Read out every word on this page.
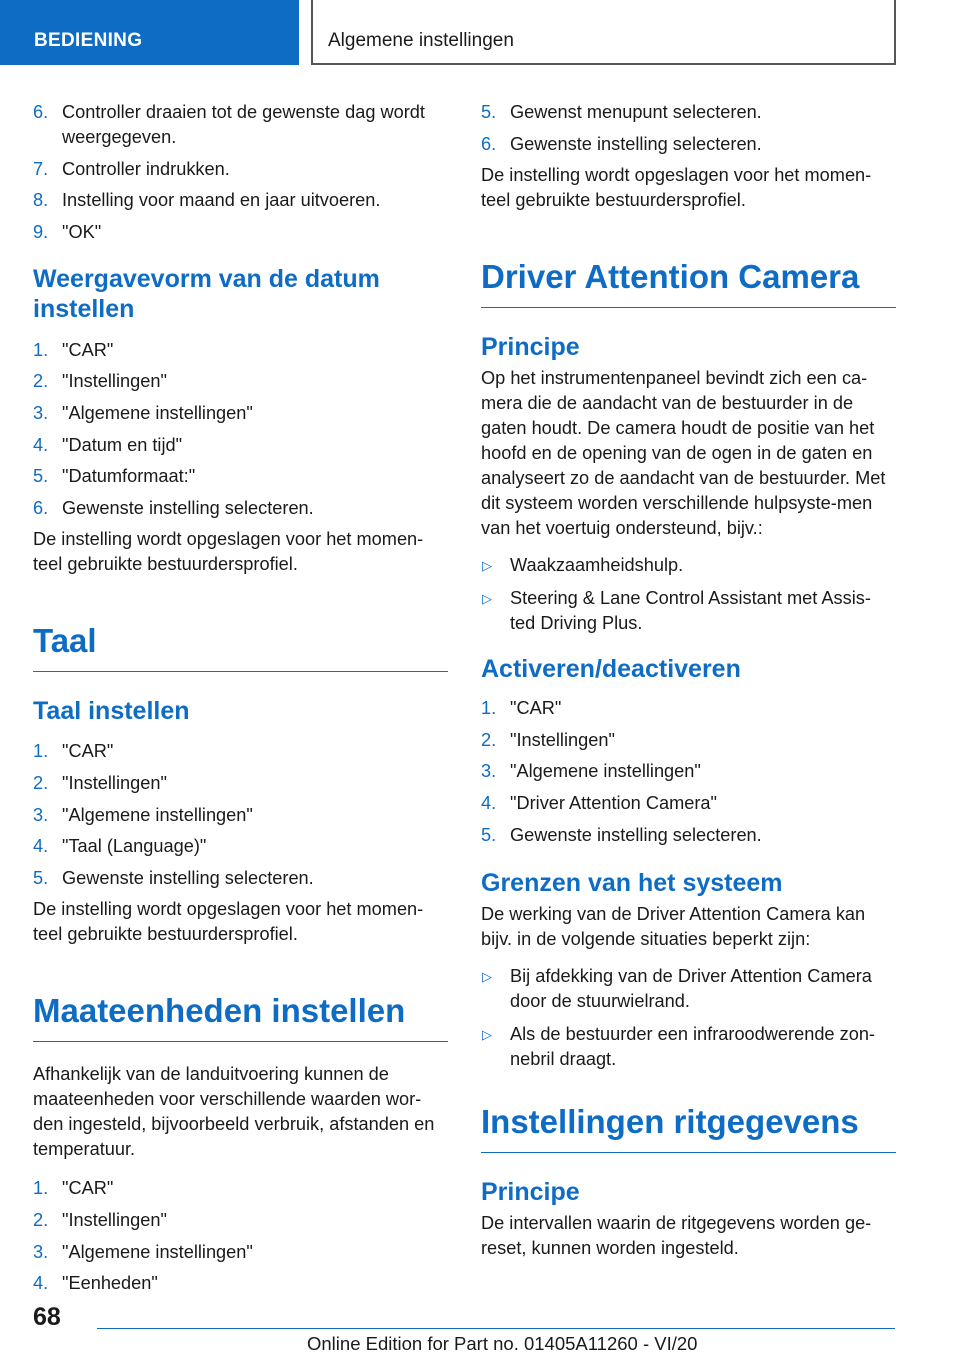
BEDIENING	Algemene instellingen
6. Controller draaien tot de gewenste dag wordt weergegeven.
7. Controller indrukken.
8. Instelling voor maand en jaar uitvoeren.
9. "OK"
Weergavevorm van de datum instellen
1. "CAR"
2. "Instellingen"
3. "Algemene instellingen"
4. "Datum en tijd"
5. "Datumformaat:"
6. Gewenste instelling selecteren.

De instelling wordt opgeslagen voor het momen-teel gebruikte bestuurdersprofiel.

Taal
Taal instellen
1. "CAR"
2. "Instellingen"
3. "Algemene instellingen"
4. "Taal (Language)"
5. Gewenste instelling selecteren.

De instelling wordt opgeslagen voor het momen-teel gebruikte bestuurdersprofiel.

Maateenheden instellen

Afhankelijk van de landuitvoering kunnen de maateenheden voor verschillende waarden wor-den ingesteld, bijvoorbeeld verbruik, afstanden en temperatuur.

1. "CAR"
2. "Instellingen"
3. "Algemene instellingen"
4. "Eenheden"
5. Gewenst menupunt selecteren.
6. Gewenste instelling selecteren.

De instelling wordt opgeslagen voor het momen-teel gebruikte bestuurdersprofiel.

Driver Attention Camera
Principe

Op het instrumentenpaneel bevindt zich een ca-mera die de aandacht van de bestuurder in de gaten houdt. De camera houdt de positie van het hoofd en de opening van de ogen in de gaten en analyseert zo de aandacht van de bestuurder. Met dit systeem worden verschillende hulpsyste-men van het voertuig ondersteund, bijv.:

▷ Waakzaamheidshulp.
▷ Steering & Lane Control Assistant met Assis-ted Driving Plus.
Activeren/deactiveren
1. "CAR"
2. "Instellingen"
3. "Algemene instellingen"
4. "Driver Attention Camera"
5. Gewenste instelling selecteren.
Grenzen van het systeem

De werking van de Driver Attention Camera kan bijv. in de volgende situaties beperkt zijn:

▷ Bij afdekking van de Driver Attention Camera door de stuurwielrand.
▷ Als de bestuurder een infraroodwerende zon-nebril draagt.
Instellingen ritgegevens
Principe

De intervallen waarin de ritgegevens worden ge-reset, kunnen worden ingesteld.

68
Online Edition for Part no. 01405A11260 - VI/20
